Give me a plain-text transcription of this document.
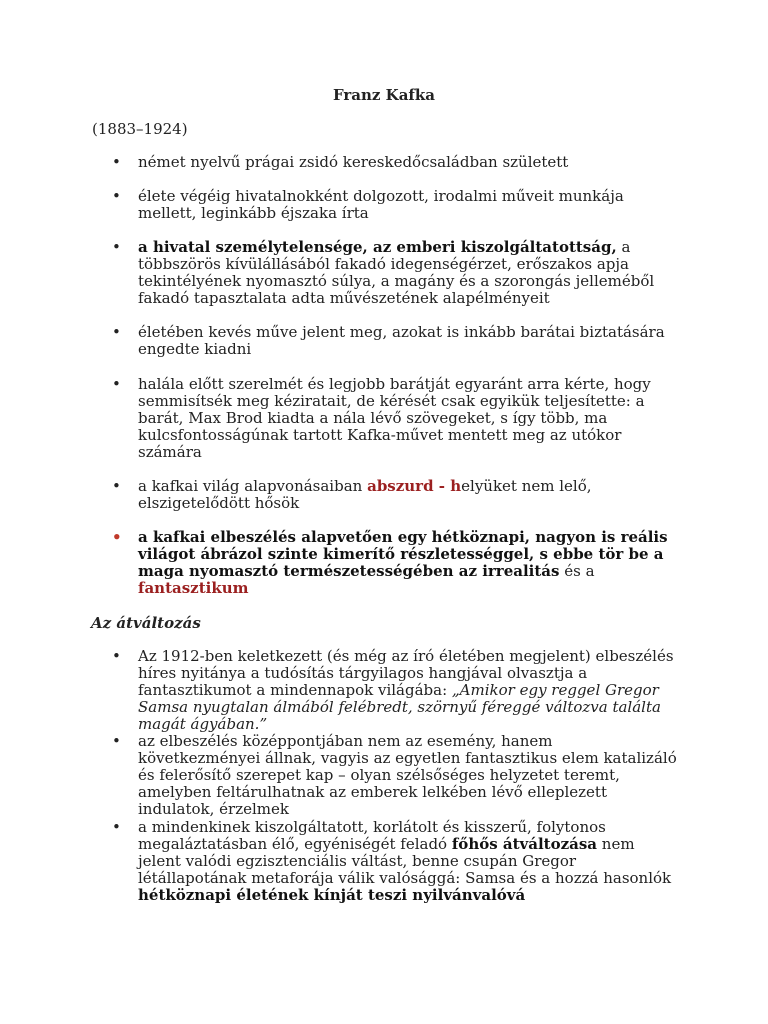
Franz Kafka
(1883–1924)
• német nyelvű prágai zsidó kereskedőcsaládban született
• élete végéig hivatalnokként dolgozott, irodalmi műveit munkája mellett, leginkább éjszaka írta
• a hivatal személytelensége, az emberi kiszolgáltatottság, a többszörös kívülállásából fakadó idegenségérzet, erőszakos apja tekintélyének nyomasztó súlya, a magány és a szorongás jelleméből fakadó tapasztalata adta művészetének alapélményeit
• életében kevés műve jelent meg, azokat is inkább barátai biztatására engedte kiadni
• halála előtt szerelmét és legjobb barátját egyaránt arra kérte, hogy semmisítsék meg kéziratait, de kérését csak egyikük teljesítette: a barát, Max Brod kiadta a nála lévő szövegeket, s így több, ma kulcsfontosságúnak tartott Kafka-művet mentett meg az utókor számára
• a kafkai világ alapvonásaiban abszurd - helyüket nem lelő, elszigetelődött hősök
• a kafkai elbeszélés alapvetően egy hétköznapi, nagyon is reális világot ábrázol szinte kimerítő részletességgel, s ebbe tör be a maga nyomasztó természetességében az irrealitás és a fantasztikum
Az átváltozás
• Az 1912-ben keletkezett (és még az író életében megjelent) elbeszélés híres nyitánya a tudósítás tárgyilagos hangjával olvasztja a fantasztikumot a mindennapok világába: „Amikor egy reggel Gregor Samsa nyugtalan álmából felébredt, szörnyű féreggé változva találta magát ágyában.”
• az elbeszélés középpontjában nem az esemény, hanem következményei állnak, vagyis az egyetlen fantasztikus elem katalizáló és felerősítő szerepet kap – olyan szélsőséges helyzetet teremt, amelyben feltárulhatnak az emberek lelkében lévő elleplezett indulatok, érzelmek
• a mindenkinek kiszolgáltatott, korlátolt és kisszerű, folytonos megaláztatásban élő, egyéniségét feladó főhős átváltozása nem jelent valódi egzisztenciális váltást, benne csupán Gregor létállapotának metaforája válik valósággá: Samsa és a hozzá hasonlók hétköznapi életének kínját teszi nyilvánvalóvá
